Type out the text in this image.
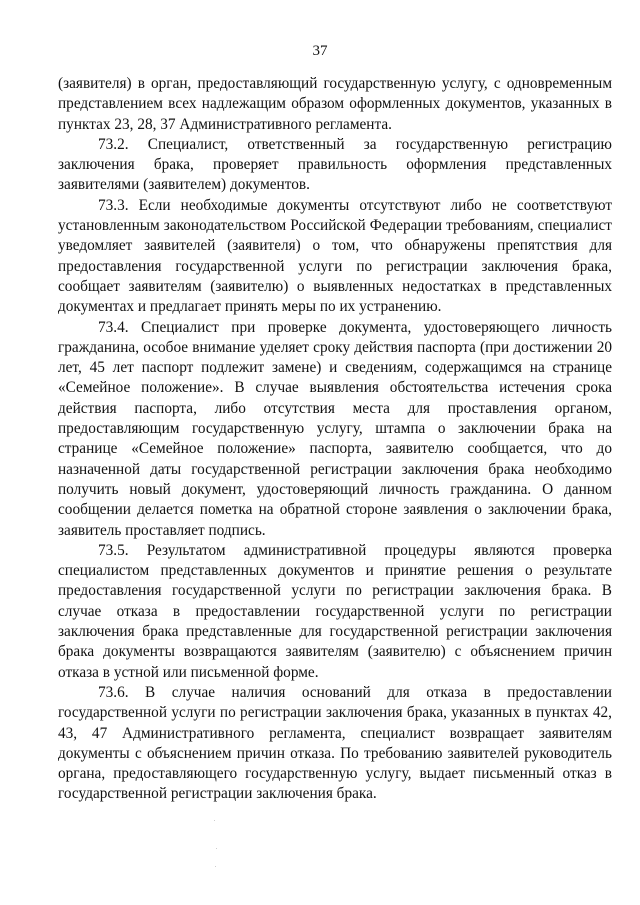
37

(заявителя) в орган, предоставляющий государственную услугу, с одновременным представлением всех надлежащим образом оформленных документов, указанных в пунктах 23, 28, 37 Административного регламента.

73.2. Специалист, ответственный за государственную регистрацию заключения брака, проверяет правильность оформления представленных заявителями (заявителем) документов.

73.3. Если необходимые документы отсутствуют либо не соответствуют установленным законодательством Российской Федерации требованиям, специалист уведомляет заявителей (заявителя) о том, что обнаружены препятствия для предоставления государственной услуги по регистрации заключения брака, сообщает заявителям (заявителю) о выявленных недостатках в представленных документах и предлагает принять меры по их устранению.

73.4. Специалист при проверке документа, удостоверяющего личность гражданина, особое внимание уделяет сроку действия паспорта (при достижении 20 лет, 45 лет паспорт подлежит замене) и сведениям, содержащимся на странице «Семейное положение». В случае выявления обстоятельства истечения срока действия паспорта, либо отсутствия места для проставления органом, предоставляющим государственную услугу, штампа о заключении брака на странице «Семейное положение» паспорта, заявителю сообщается, что до назначенной даты государственной регистрации заключения брака необходимо получить новый документ, удостоверяющий личность гражданина. О данном сообщении делается пометка на обратной стороне заявления о заключении брака, заявитель проставляет подпись.

73.5. Результатом административной процедуры являются проверка специалистом представленных документов и принятие решения о результате предоставления государственной услуги по регистрации заключения брака. В случае отказа в предоставлении государственной услуги по регистрации заключения брака представленные для государственной регистрации заключения брака документы возвращаются заявителям (заявителю) с объяснением причин отказа в устной или письменной форме.

73.6. В случае наличия оснований для отказа в предоставлении государственной услуги по регистрации заключения брака, указанных в пунктах 42, 43, 47 Административного регламента, специалист возвращает заявителям документы с объяснением причин отказа. По требованию заявителей руководитель органа, предоставляющего государственную услугу, выдает письменный отказ в государственной регистрации заключения брака.
